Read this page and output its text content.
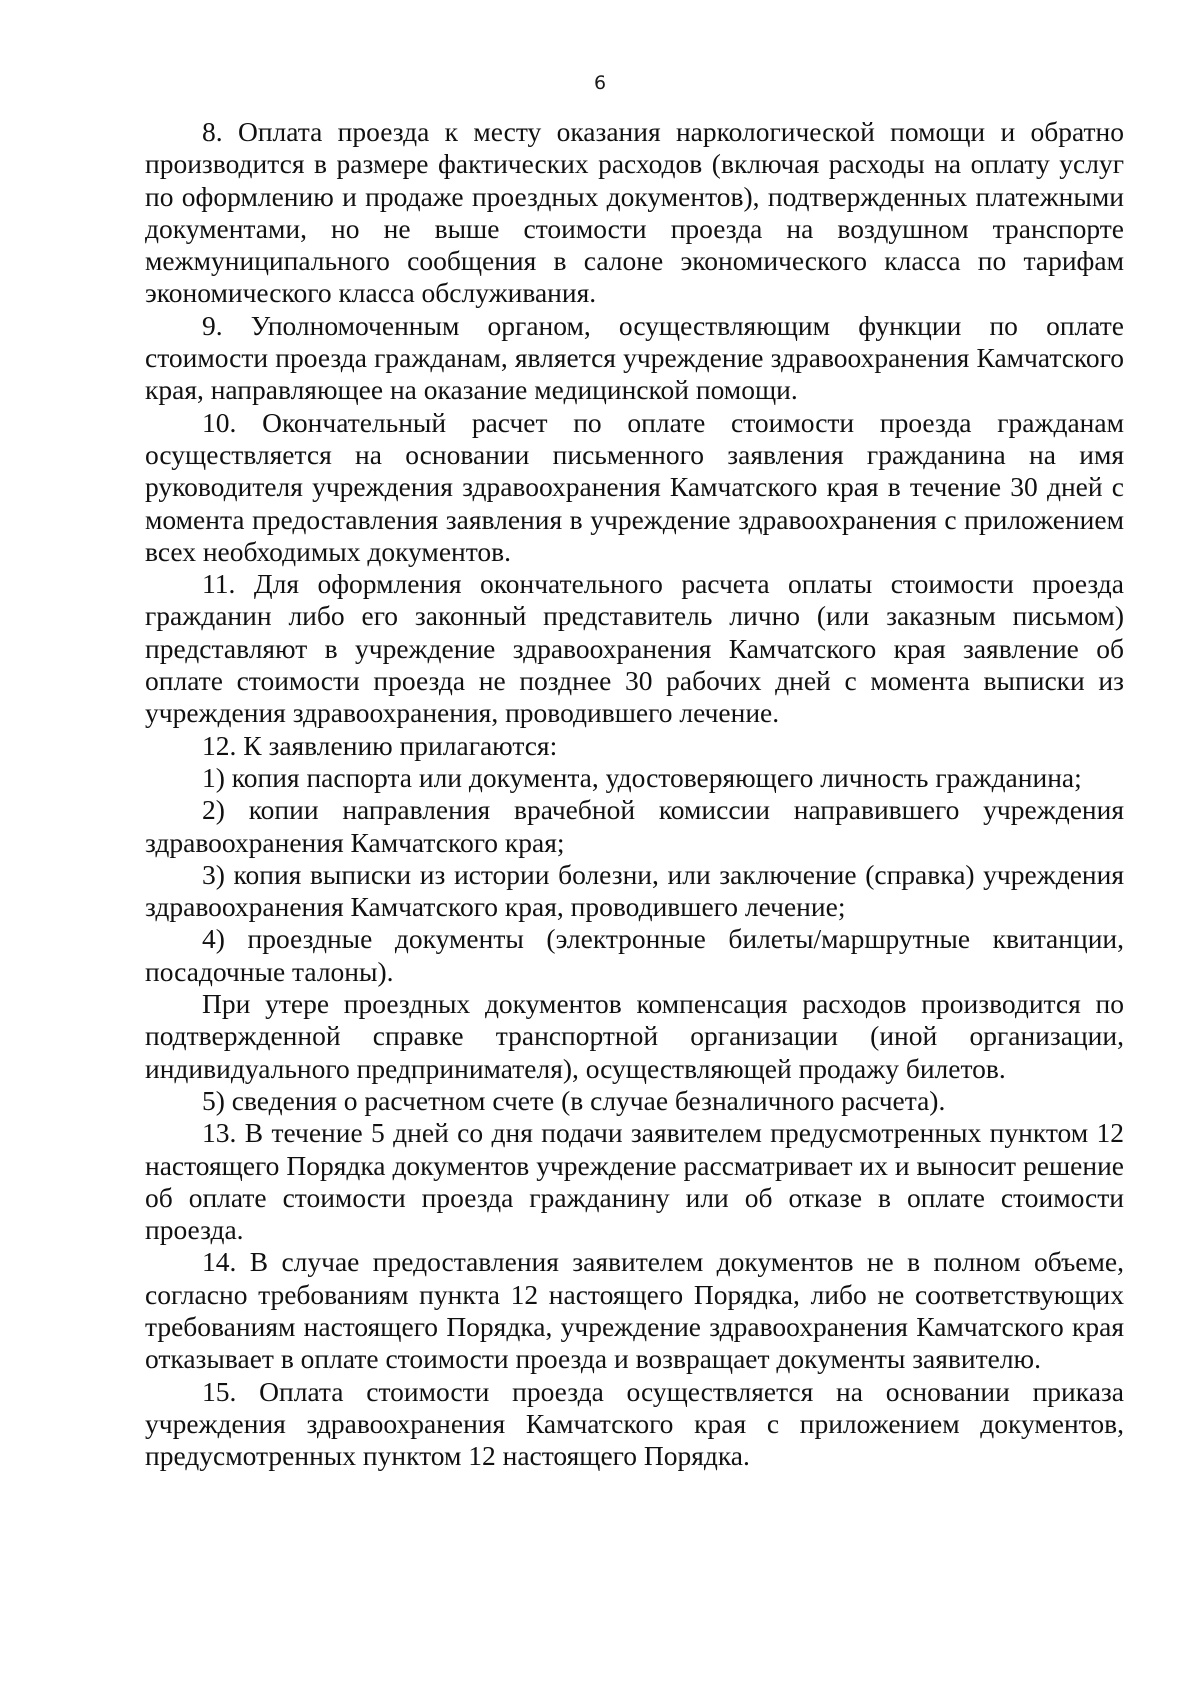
6

8. Оплата проезда к месту оказания наркологической помощи и обратно производится в размере фактических расходов (включая расходы на оплату услуг по оформлению и продаже проездных документов), подтвержденных платежными документами, но не выше стоимости проезда на воздушном транспорте межмуниципального сообщения в салоне экономического класса по тарифам экономического класса обслуживания.

9. Уполномоченным органом, осуществляющим функции по оплате стоимости проезда гражданам, является учреждение здравоохранения Камчатского края, направляющее на оказание медицинской помощи.

10. Окончательный расчет по оплате стоимости проезда гражданам осуществляется на основании письменного заявления гражданина на имя руководителя учреждения здравоохранения Камчатского края в течение 30 дней с момента предоставления заявления в учреждение здравоохранения с приложением всех необходимых документов.

11. Для оформления окончательного расчета оплаты стоимости проезда гражданин либо его законный представитель лично (или заказным письмом) представляют в учреждение здравоохранения Камчатского края заявление об оплате стоимости проезда не позднее 30 рабочих дней с момента выписки из учреждения здравоохранения, проводившего лечение.

12. К заявлению прилагаются:

1) копия паспорта или документа, удостоверяющего личность гражданина;

2) копии направления врачебной комиссии направившего учреждения здравоохранения Камчатского края;

3) копия выписки из истории болезни, или заключение (справка) учреждения здравоохранения Камчатского края, проводившего лечение;

4) проездные документы (электронные билеты/маршрутные квитанции, посадочные талоны).

При утере проездных документов компенсация расходов производится по подтвержденной справке транспортной организации (иной организации, индивидуального предпринимателя), осуществляющей продажу билетов.

5) сведения о расчетном счете (в случае безналичного расчета).

13. В течение 5 дней со дня подачи заявителем предусмотренных пунктом 12 настоящего Порядка документов учреждение рассматривает их и выносит решение об оплате стоимости проезда гражданину или об отказе в оплате стоимости проезда.

14. В случае предоставления заявителем документов не в полном объеме, согласно требованиям пункта 12 настоящего Порядка, либо не соответствующих требованиям настоящего Порядка, учреждение здравоохранения Камчатского края отказывает в оплате стоимости проезда и возвращает документы заявителю.

15. Оплата стоимости проезда осуществляется на основании приказа учреждения здравоохранения Камчатского края с приложением документов, предусмотренных пунктом 12 настоящего Порядка.
